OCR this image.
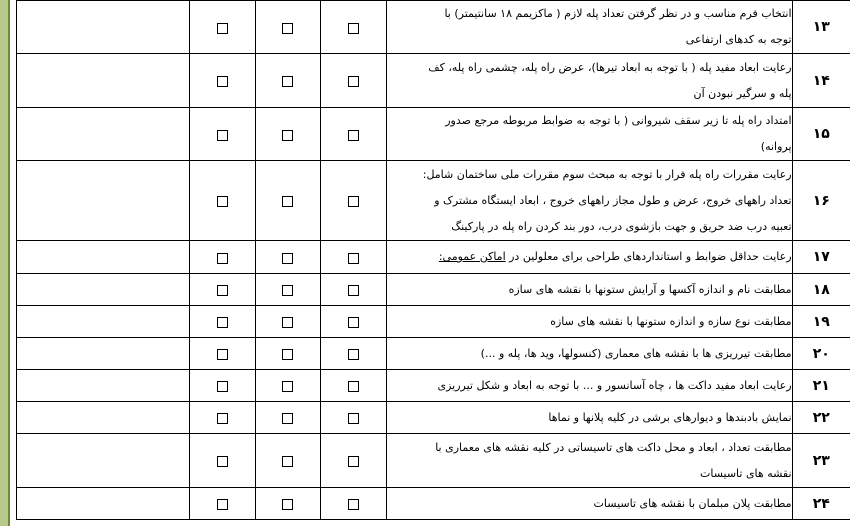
				انتخاب فرم مناسب و در نظر گرفتن تعداد پله لازم ( ماکزیمم ۱۸ سانتیمتر) با
توجه به کدهای ارتفاعی	۱۳

				رعایت ابعاد مفید پله ( با توجه به ابعاد تیرها)، عرض راه پله، چشمی راه پله، کف
پله و سرگیر نبودن آن	۱۴

				امتداد راه پله تا زیر سقف شیروانی ( با توجه به ضوابط مربوطه مرجع صدور
پروانه)	۱۵

				رعایت مقررات راه پله فرار با توجه به مبحث سوم مقررات ملی ساختمان شامل:
تعداد راههای خروج، عرض و طول مجاز راههای خروج ، ابعاد ایستگاه مشترک و
تعبیه درب ضد حریق و جهت بازشوی درب، دور بند کردن راه پله در پارکینگ	۱۶

				رعایت حداقل ضوابط و استانداردهای طراحی برای معلولین در اماکن عمومی:	۱۷

				مطابقت نام و اندازه آکسها و آرایش ستونها با نقشه های سازه	۱۸

				مطابقت نوع سازه و اندازه ستونها با نقشه های سازه	۱۹

				مطابقت تیرریزی ها با نقشه های معماری (کنسولها، وید ها، پله و ...)	۲۰

				رعایت ابعاد مفید داکت ها ، چاه آسانسور و ... با توجه به ابعاد و شکل تیرریزی	۲۱

				نمایش بادبندها و دیوارهای برشی در کلیه پلانها و نماها	۲۲

				مطابقت تعداد ، ابعاد و محل داکت های تاسیساتی در کلیه نقشه های معماری با
نقشه های تاسیسات	۲۳

				مطابقت پلان مبلمان با نقشه های تاسیسات	۲۴
